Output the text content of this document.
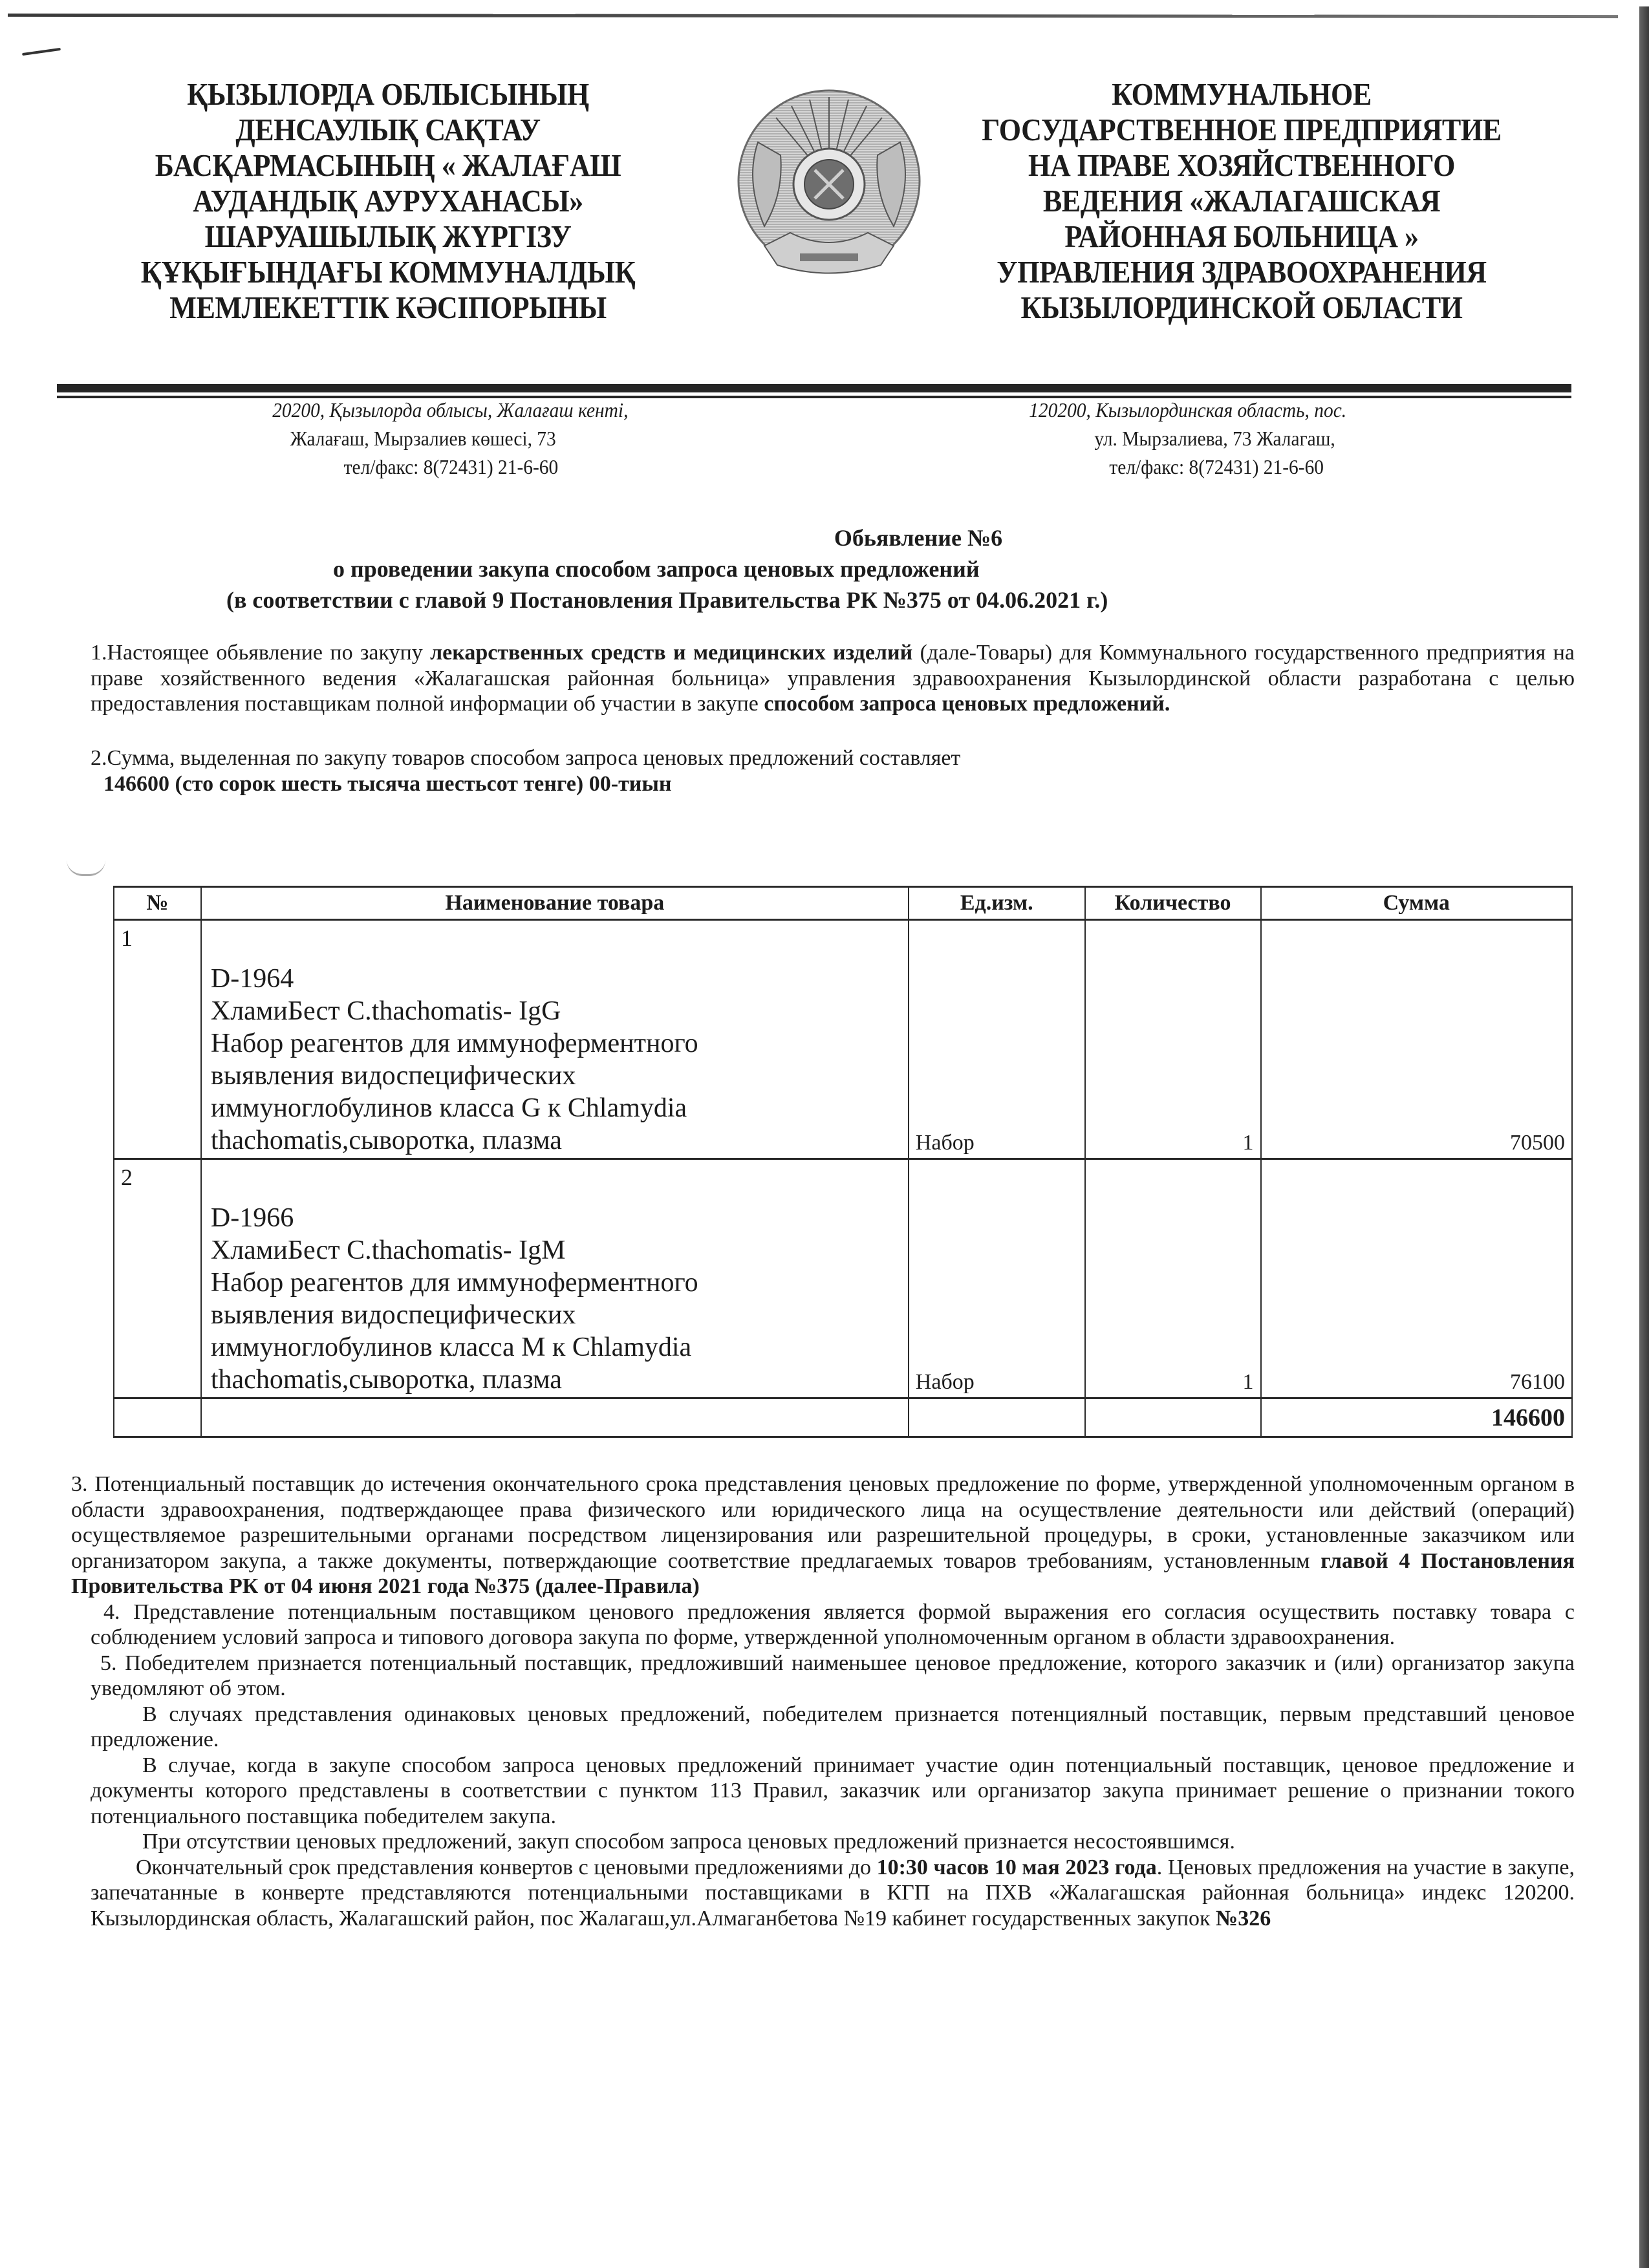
ҚЫЗЫЛОРДА ОБЛЫСЫНЫҢ
ДЕНСАУЛЫҚ САҚТАУ
БАСҚАРМАСЫНЫҢ « ЖАЛАҒАШ
АУДАНДЫҚ АУРУХАНАСЫ»
ШАРУАШЫЛЫҚ ЖҮРГІЗУ
ҚҰҚЫҒЫНДАҒЫ КОММУНАЛДЫҚ
МЕМЛЕКЕТТІК КӘСІПОРЫНЫ
КОММУНАЛЬНОЕ
ГОСУДАРСТВЕННОЕ ПРЕДПРИЯТИЕ
НА ПРАВЕ ХОЗЯЙСТВЕННОГО
ВЕДЕНИЯ «ЖАЛАГАШСКАЯ
РАЙОННАЯ БОЛЬНИЦА »
УПРАВЛЕНИЯ ЗДРАВООХРАНЕНИЯ
КЫЗЫЛОРДИНСКОЙ ОБЛАСТИ
20200, Қызылорда облысы, Жалағаш кенті,
Жалағаш, Мырзалиев көшесі, 73
тел/факс: 8(72431) 21-6-60
120200, Кызылординская область, пос.
ул. Мырзалиева, 73 Жалагаш,
тел/факс: 8(72431) 21-6-60
Обьявление №6
о проведении закупа способом запроса ценовых предложений
(в соответствии с главой 9 Постановления Правительства РК №375 от 04.06.2021 г.)

1.Настоящее обьявление по закупу лекарственных средств и медицинских изделий (дале-Товары) для Коммунального государственного предприятия на праве хозяйственного ведения «Жалагашская районная больница» управления здравоохранения Кызылординской области разработана с целью предоставления поставщикам полной информации об участии в закупе способом запроса ценовых предложений.

2.Сумма, выделенная по закупу товаров способом запроса ценовых предложений составляет

146600 (сто сорок шесть тысяча шестьсот тенге) 00-тиын

№	Наименование товара	Ед.изм.	Количество	Сумма
1	
D-1964
ХламиБест C.thachomatis- IgG
Набор реагентов для иммуноферментного
выявления видоспецифических
иммуноглобулинов класса G к Chlamydia
thachomatis,сыворотка, плазма	Набор	1	70500
2	
D-1966
ХламиБест C.thachomatis- IgM
Набор реагентов для иммуноферментного
выявления видоспецифических
иммуноглобулинов класса M к Chlamydia
thachomatis,сыворотка, плазма	Набор	1	76100
				146600

3. Потенциальный поставщик до истечения окончательного срока представления ценовых предложение по форме, утвержденной уполномоченным органом в области здравоохранения, подтверждающее права физического или юридического лица на осуществление деятельности или действий (операций) осуществляемое разрешительными органами посредством лицензирования или разрешительной процедуры, в сроки, установленные заказчиком или организатором закупа, а также документы, потверждающие соответствие предлагаемых товаров требованиям, установленным главой 4 Постановления Провительства РК от 04 июня 2021 года №375 (далее-Правила)

4. Представление потенциальным поставщиком ценового предложения является формой выражения его согласия осуществить поставку товара с соблюдением условий запроса и типового договора закупа по форме, утвержденной уполномоченным органом в области здравоохранения.

5. Победителем признается потенциальный поставщик, предложивший наименьшее ценовое предложение, которого заказчик и (или) организатор закупа уведомляют об этом.

В случаях представления одинаковых ценовых предложений, победителем признается потенциялный поставщик, первым представший ценовое предложение.

В случае, когда в закупе способом запроса ценовых предложений принимает участие один потенциальный поставщик, ценовое предложение и документы которого представлены в соответствии с пунктом 113 Правил, заказчик или организатор закупа принимает решение о признании токого потенциального поставщика победителем закупа.

При отсутствии ценовых предложений, закуп способом запроса ценовых предложений признается несостоявшимся.

Окончательный срок представления конвертов с ценовыми предложениями до 10:30 часов 10 мая 2023 года. Ценовых предложения на участие в закупе, запечатанные в конверте представляются потенциальными поставщиками в КГП на ПХВ «Жалагашская районная больница» индекс 120200. Кызылординская область, Жалагашский район, пос Жалагаш,ул.Алмаганбетова №19 кабинет государственных закупок №326
